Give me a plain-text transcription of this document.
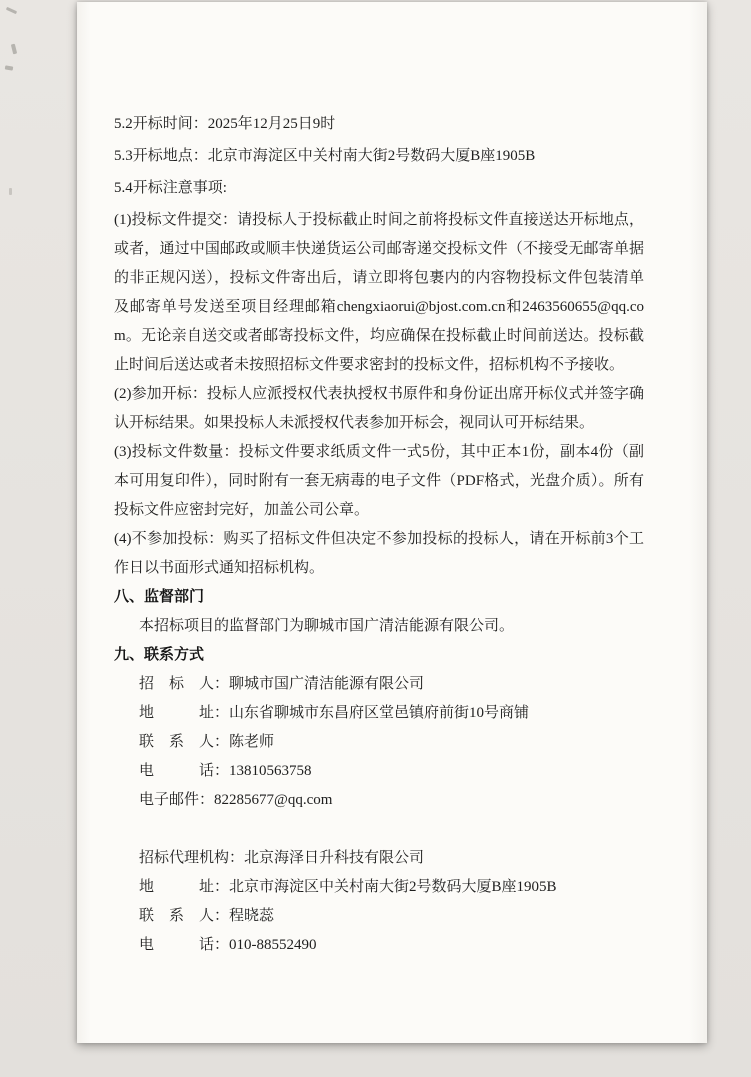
5.2开标时间：2025年12月25日9时

5.3开标地点：北京市海淀区中关村南大街2号数码大厦B座1905B

5.4开标注意事项:

(1)投标文件提交：请投标人于投标截止时间之前将投标文件直接送达开标地点，或者，通过中国邮政或顺丰快递货运公司邮寄递交投标文件（不接受无邮寄单据的非正规闪送），投标文件寄出后，请立即将包裹内的内容物投标文件包装清单及邮寄单号发送至项目经理邮箱chengxiaorui@bjost.com.cn和2463560655@qq.com。无论亲自送交或者邮寄投标文件，均应确保在投标截止时间前送达。投标截止时间后送达或者未按照招标文件要求密封的投标文件，招标机构不予接收。

(2)参加开标：投标人应派授权代表执授权书原件和身份证出席开标仪式并签字确认开标结果。如果投标人未派授权代表参加开标会，视同认可开标结果。

(3)投标文件数量：投标文件要求纸质文件一式5份，其中正本1份，副本4份（副本可用复印件），同时附有一套无病毒的电子文件（PDF格式，光盘介质）。所有投标文件应密封完好，加盖公司公章。

(4)不参加投标：购买了招标文件但决定不参加投标的投标人，请在开标前3个工作日以书面形式通知招标机构。

八、监督部门

本招标项目的监督部门为聊城市国广清洁能源有限公司。

九、联系方式

招　标　人：聊城市国广清洁能源有限公司

地　　　址：山东省聊城市东昌府区堂邑镇府前街10号商铺

联　系　人：陈老师

电　　　话：13810563758

电子邮件：82285677@qq.com

招标代理机构：北京海泽日升科技有限公司

地　　　址：北京市海淀区中关村南大街2号数码大厦B座1905B

联　系　人：程晓蕊

电　　　话：010-88552490
